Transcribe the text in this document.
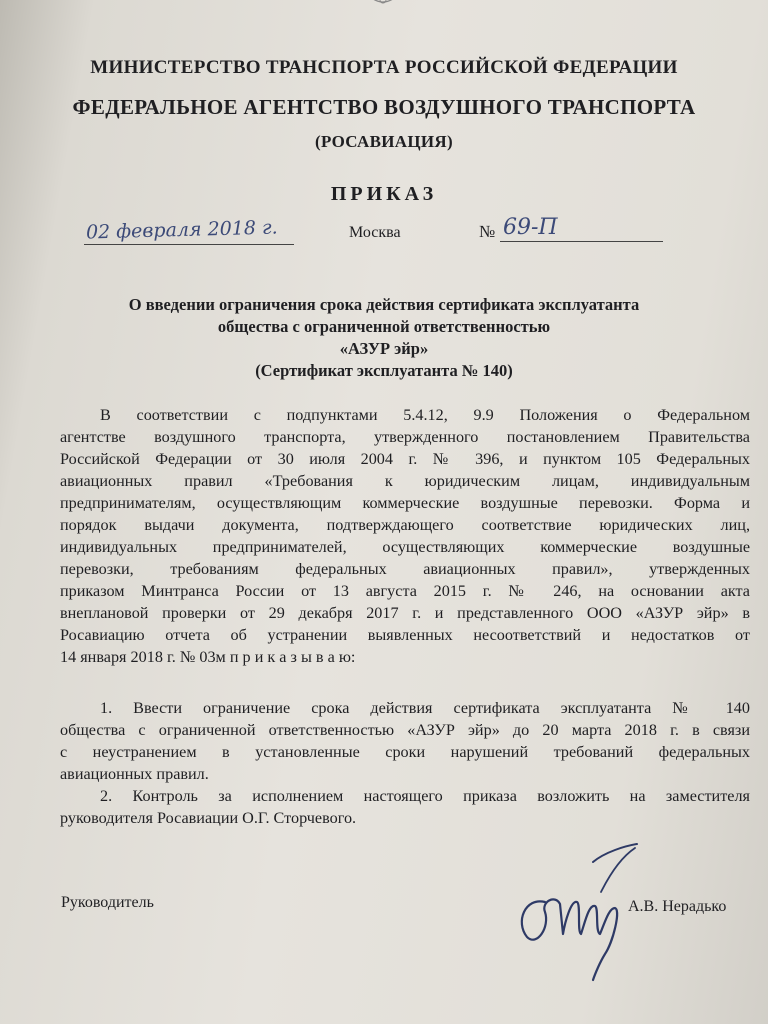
МИНИСТЕРСТВО ТРАНСПОРТА РОССИЙСКОЙ ФЕДЕРАЦИИ
ФЕДЕРАЛЬНОЕ АГЕНТСТВО ВОЗДУШНОГО ТРАНСПОРТА
(РОСАВИАЦИЯ)
ПРИКАЗ
02 февраля 2018 г.	Москва	№ 69-П
О введении ограничения срока действия сертификата эксплуатанта
общества с ограниченной ответственностью
«АЗУР эйр»
(Сертификат эксплуатанта № 140)
В соответствии с подпунктами 5.4.12, 9.9 Положения о Федеральном
агентстве воздушного транспорта, утвержденного постановлением Правительства
Российской Федерации от 30 июля 2004 г. № 396, и пунктом 105 Федеральных
авиационных правил «Требования к юридическим лицам, индивидуальным
предпринимателям, осуществляющим коммерческие воздушные перевозки. Форма и
порядок выдачи документа, подтверждающего соответствие юридических лиц,
индивидуальных предпринимателей, осуществляющих коммерческие воздушные
перевозки, требованиям федеральных авиационных правил», утвержденных
приказом Минтранса России от 13 августа 2015 г. № 246, на основании акта
внеплановой проверки от 29 декабря 2017 г. и представленного ООО «АЗУР эйр» в
Росавиацию отчета об устранении выявленных несоответствий и недостатков от
14 января 2018 г. № 03м п р и к а з ы в а ю:
1. Ввести ограничение срока действия сертификата эксплуатанта № 140
общества с ограниченной ответственностью «АЗУР эйр» до 20 марта 2018 г. в связи
с неустранением в установленные сроки нарушений требований федеральных
авиационных правил.
2. Контроль за исполнением настоящего приказа возложить на заместителя
руководителя Росавиации О.Г. Сторчевого.
Руководитель	А.В. Нерадько
